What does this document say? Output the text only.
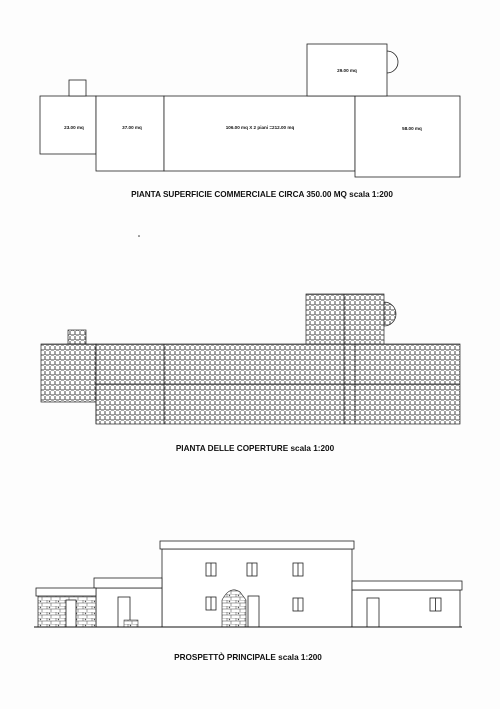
23.00 mq	37.00 mq	106.00 mq X 2 piani =212.00 mq	58.00 mq
29.00 mq
PIANTA SUPERFICIE COMMERCIALE CIRCA 350.00 MQ scala 1:200
PIANTA DELLE COPERTURE scala 1:200
PROSPETTÒ PRINCIPALE scala 1:200
